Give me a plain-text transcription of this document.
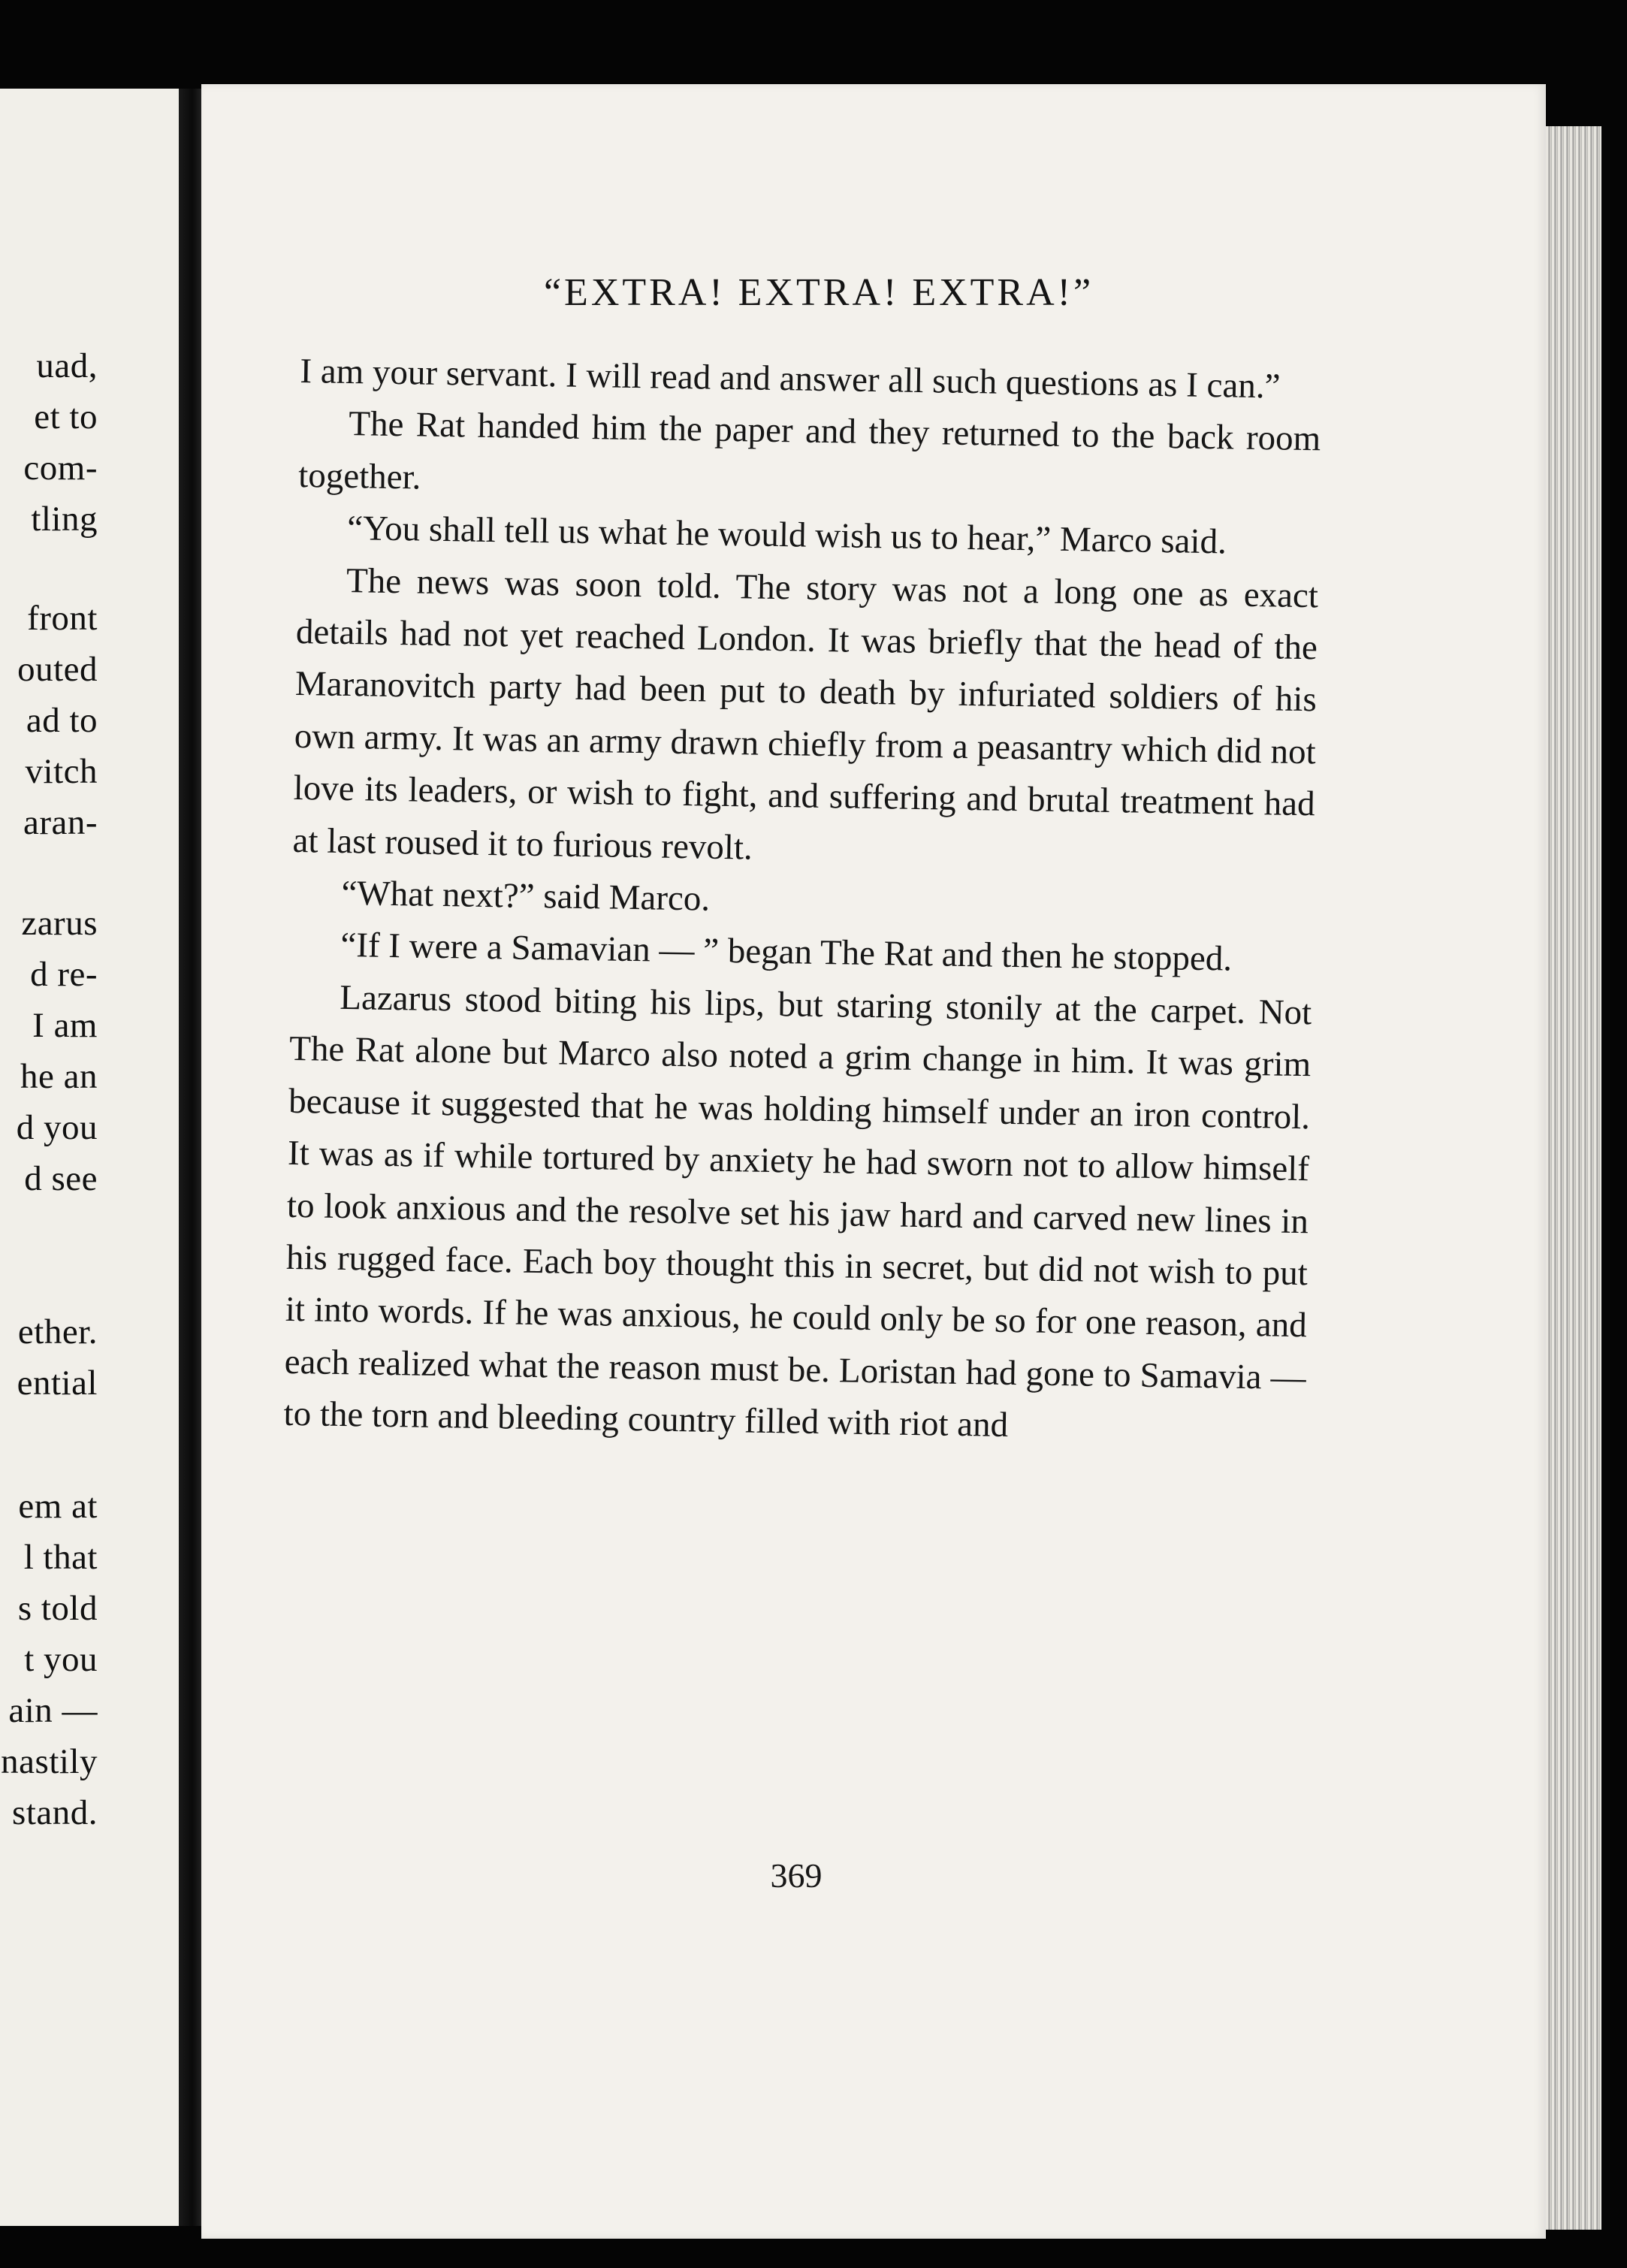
uad,
et to
com-
tling
front
outed
ad to
vitch
aran-
zarus
d re-
I am
he an
d you
d see
ether.
ential
em at
l that
s told
t you
ain —
nastily
stand.
“EXTRA! EXTRA! EXTRA!”

I am your servant. I will read and answer all such questions as I can.”

The Rat handed him the paper and they returned to the back room together.

“You shall tell us what he would wish us to hear,” Marco said.

The news was soon told. The story was not a long one as exact details had not yet reached London. It was briefly that the head of the Maranovitch party had been put to death by infuriated soldiers of his own army. It was an army drawn chiefly from a peasantry which did not love its leaders, or wish to fight, and suffering and brutal treatment had at last roused it to furious revolt.

“What next?” said Marco.

“If I were a Samavian — ” began The Rat and then he stopped.

Lazarus stood biting his lips, but staring stonily at the carpet. Not The Rat alone but Marco also noted a grim change in him. It was grim because it suggested that he was holding himself under an iron control. It was as if while tortured by anxiety he had sworn not to allow himself to look anxious and the resolve set his jaw hard and carved new lines in his rugged face. Each boy thought this in secret, but did not wish to put it into words. If he was anxious, he could only be so for one reason, and each realized what the reason must be. Loristan had gone to Samavia — to the torn and bleeding country filled with riot and

369
